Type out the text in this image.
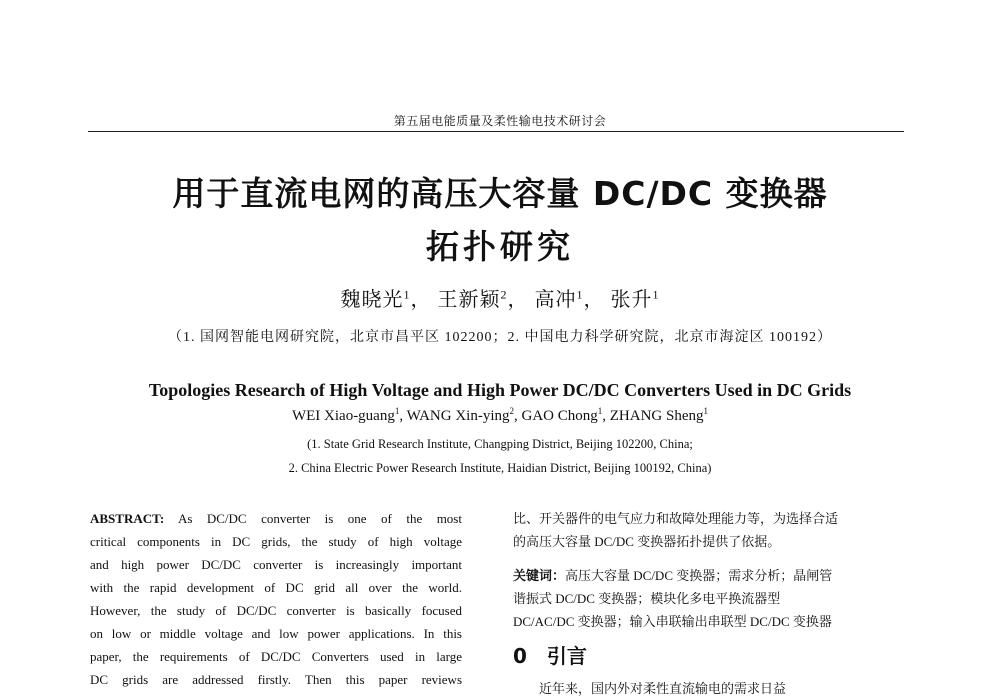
第五届电能质量及柔性输电技术研讨会
用于直流电网的高压大容量 DC/DC 变换器
拓扑研究
魏晓光$^1$， 王新颖$^2$， 高冲$^1$， 张升$^1$
（1. 国网智能电网研究院，北京市昌平区 102200；2. 中国电力科学研究院，北京市海淀区 100192）
Topologies Research of High Voltage and High Power DC/DC Converters Used in DC Grids
WEI Xiao-guang$^1$, WANG Xin-ying$^2$, GAO Chong$^1$, ZHANG Sheng$^1$
(1. State Grid Research Institute, Changping District, Beijing 102200, China;
2. China Electric Power Research Institute, Haidian District, Beijing 100192, China)
ABSTRACT: As DC/DC converter is one of the most
critical components in DC grids, the study of high voltage
and high power DC/DC converter is increasingly important
with the rapid development of DC grid all over the world.
However, the study of DC/DC converter is basically focused
on low or middle voltage and low power applications. In this
paper, the requirements of DC/DC Converters used in large
DC grids are addressed firstly. Then this paper reviews
比、开关器件的电气应力和故障处理能力等，为选择合适
的高压大容量 DC/DC 变换器拓扑提供了依据。
关键词：高压大容量 DC/DC 变换器；需求分析；晶闸管
谐振式 DC/DC 变换器；模块化多电平换流器型
DC/AC/DC 变换器；输入串联输出串联型 DC/DC 变换器
0 引言
近年来，国内外对柔性直流输电的需求日益
